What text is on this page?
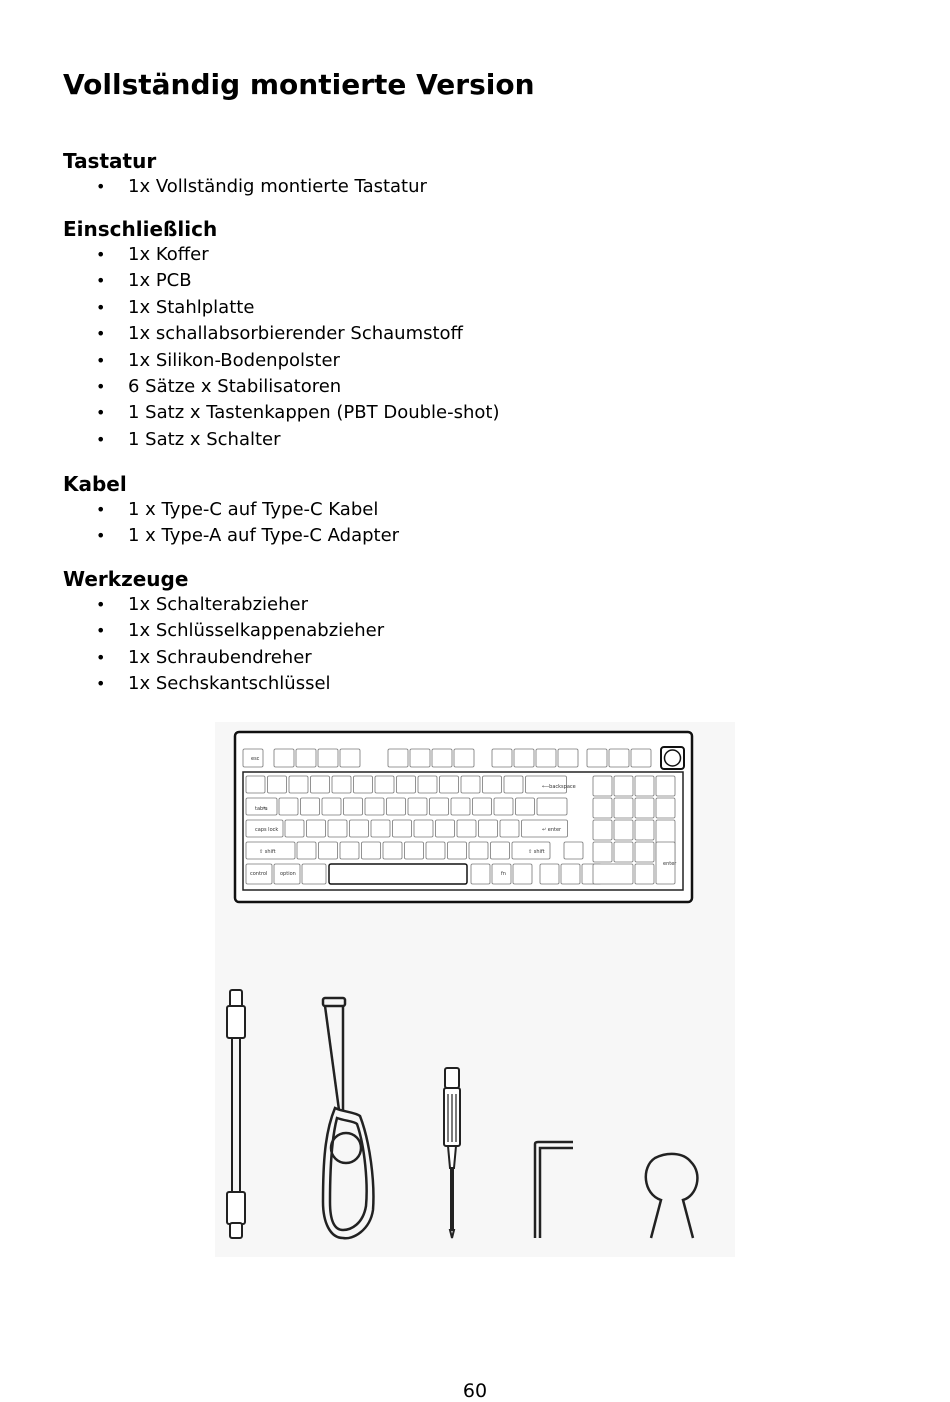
Vollständig montierte Version
Tastatur
• 1x Vollständig montierte Tastatur
Einschließlich
• 1x Koffer
• 1x PCB
• 1x Stahlplatte
• 1x schallabsorbierender Schaumstoff
• 1x Silikon-Bodenpolster
• 6 Sätze x Stabilisatoren
• 1 Satz x Tastenkappen (PBT Double-shot)
• 1 Satz x Schalter
Kabel
• 1 x Type-C auf Type-C Kabel
• 1 x Type-A auf Type-C Adapter
Werkzeuge
• 1x Schalterabzieher
• 1x Schlüsselkappenabzieher
• 1x Schraubendreher
• 1x Sechskantschlüssel
esc
⟵backspace
tab↹
caps lock	↵ enter
⇧ shift	⇧ shift
control	option	fn
enter
60
